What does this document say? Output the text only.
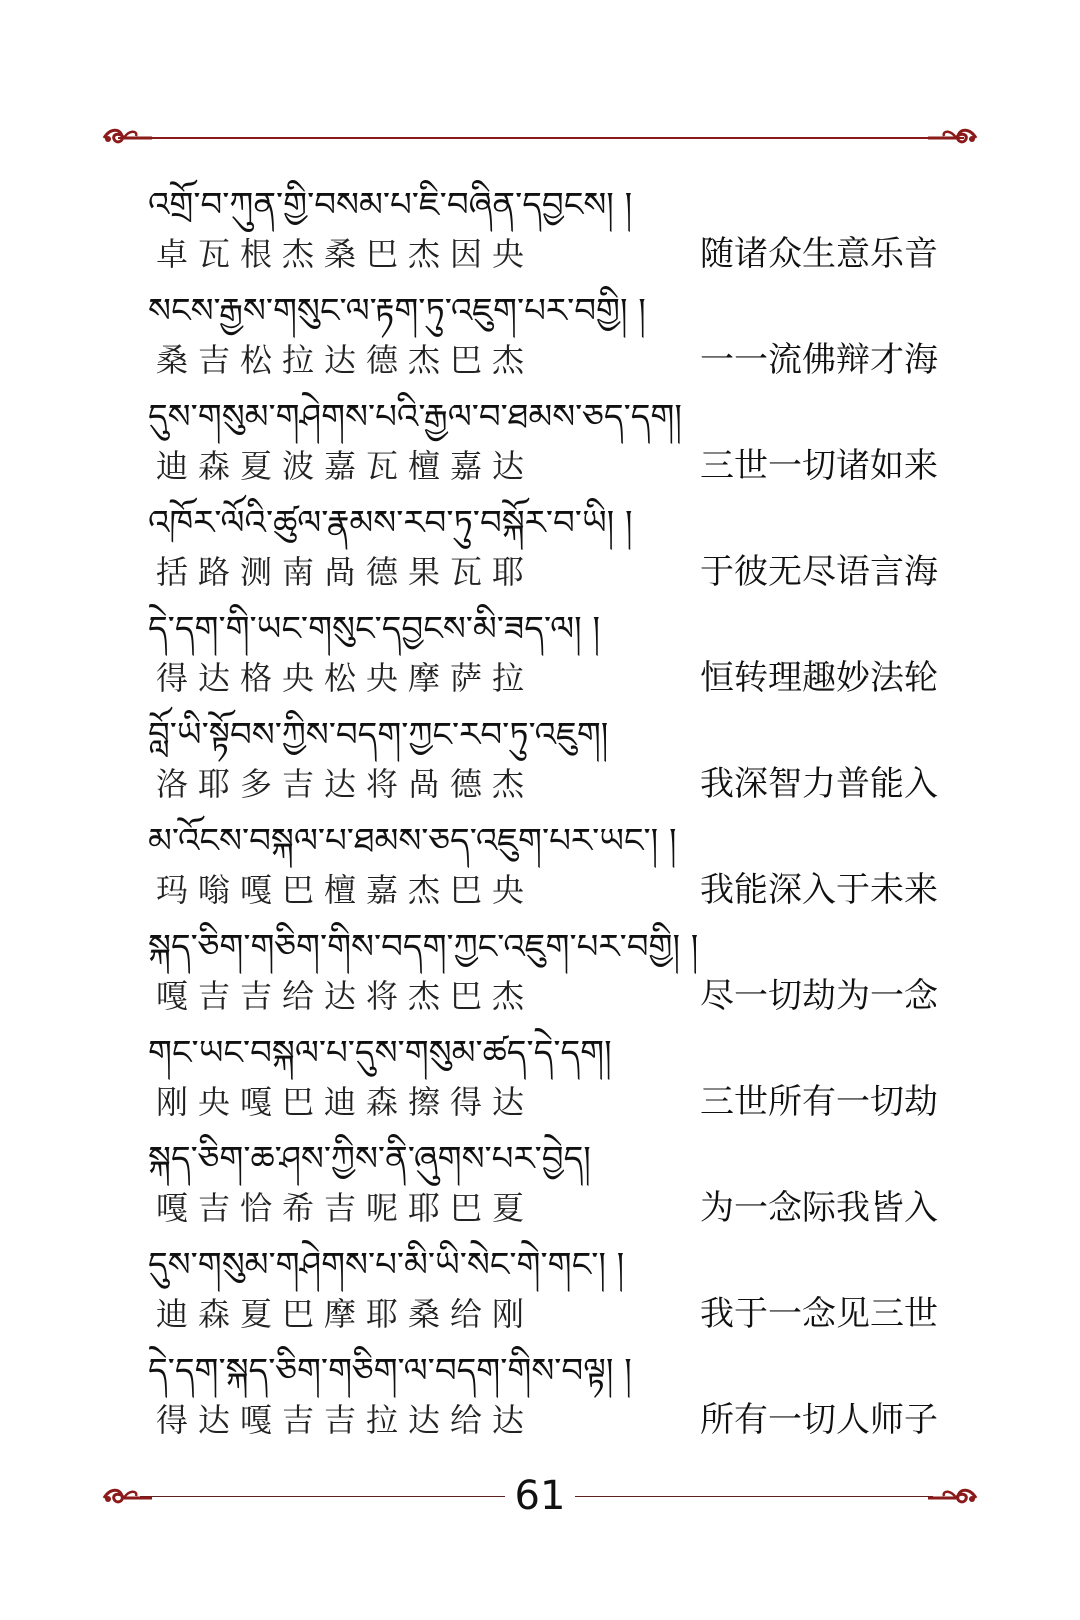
འགྲོ་བ་ཀུན་གྱི་བསམ་པ་ཇི་བཞིན་དབྱངས། །
卓瓦根杰桑巴杰因央	随诸众生意乐音
སངས་རྒྱས་གསུང་ལ་རྟག་ཏུ་འཇུག་པར་བགྱི། །
桑吉松拉达德杰巴杰	一一流佛辩才海
དུས་གསུམ་གཤེགས་པའི་རྒྱལ་བ་ཐམས་ཅད་དག།
迪森夏波嘉瓦檀嘉达	三世一切诸如来
འཁོར་ལོའི་ཚུལ་རྣམས་རབ་ཏུ་བསྐོར་བ་ཡི། །
括路测南咼德果瓦耶	于彼无尽语言海
དེ་དག་གི་ཡང་གསུང་དབྱངས་མི་ཟད་ལ། །
得达格央松央摩萨拉	恒转理趣妙法轮
བློ་ཡི་སྟོབས་ཀྱིས་བདག་ཀྱང་རབ་ཏུ་འཇུག།
洛耶多吉达将咼德杰	我深智力普能入
མ་འོངས་བསྐལ་པ་ཐམས་ཅད་འཇུག་པར་ཡང་། །
玛嗡嘎巴檀嘉杰巴央	我能深入于未来
སྐད་ཅིག་གཅིག་གིས་བདག་ཀྱང་འཇུག་པར་བགྱི། །
嘎吉吉给达将杰巴杰	尽一切劫为一念
གང་ཡང་བསྐལ་པ་དུས་གསུམ་ཚད་དེ་དག།
刚央嘎巴迪森擦得达	三世所有一切劫
སྐད་ཅིག་ཆ་ཤས་ཀྱིས་ནི་ཞུགས་པར་བྱེད།
嘎吉恰希吉呢耶巴夏	为一念际我皆入
དུས་གསུམ་གཤེགས་པ་མི་ཡི་སེང་གེ་གང་། །
迪森夏巴摩耶桑给刚	我于一念见三世
དེ་དག་སྐད་ཅིག་གཅིག་ལ་བདག་གིས་བལྟ། །
得达嘎吉吉拉达给达	所有一切人师子
61
